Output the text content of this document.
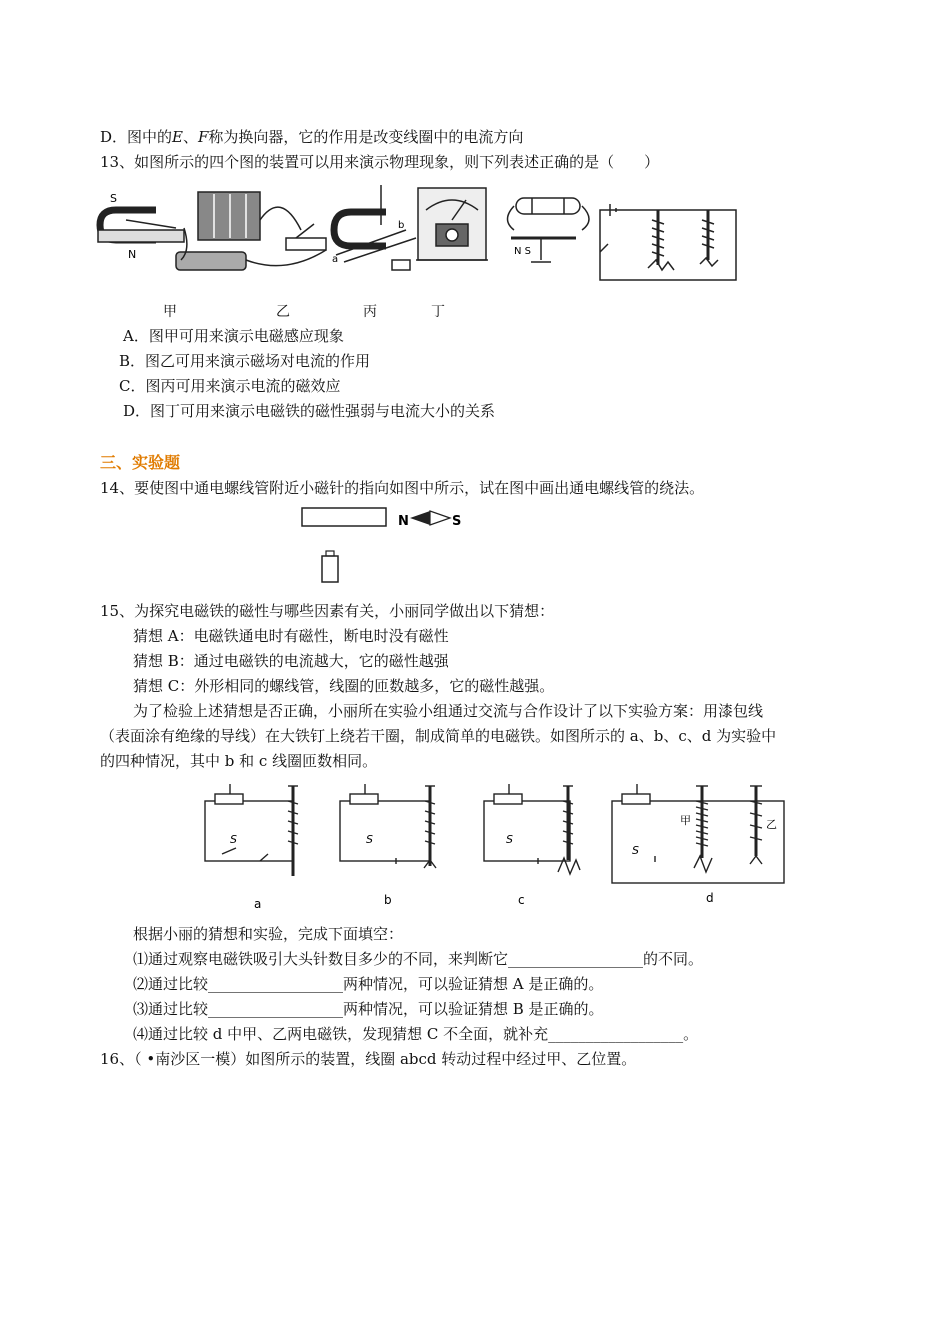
D．图中的E、F称为换向器，它的作用是改变线圈中的电流方向
13、如图所示的四个图的装置可以用来演示物理现象，则下列表述正确的是（　　）
S
N	a
b
N S
甲	乙	丙	丁
A．图甲可用来演示电磁感应现象
B．图乙可用来演示磁场对电流的作用
C．图丙可用来演示电流的磁效应
D．图丁可用来演示电磁铁的磁性强弱与电流大小的关系
三、实验题
14、要使图中通电螺线管附近小磁针的指向如图中所示，试在图中画出通电螺线管的绕法。
N	S
15、为探究电磁铁的磁性与哪些因素有关，小丽同学做出以下猜想：
猜想 A：电磁铁通电时有磁性，断电时没有磁性
猜想 B：通过电磁铁的电流越大，它的磁性越强
猜想 C：外形相同的螺线管，线圈的匝数越多，它的磁性越强。
为了检验上述猜想是否正确，小丽所在实验小组通过交流与合作设计了以下实验方案：用漆包线
（表面涂有绝缘的导线）在大铁钉上绕若干圈，制成简单的电磁铁。如图所示的 a、b、c、d 为实验中
的四种情况，其中 b 和 c 线圈匝数相同。
S	S	S
S
甲	乙
a	b	c	d
根据小丽的猜想和实验，完成下面填空：
⑴通过观察电磁铁吸引大头针数目多少的不同，来判断它__________________的不同。
⑵通过比较__________________两种情况，可以验证猜想 A 是正确的。
⑶通过比较__________________两种情况，可以验证猜想 B 是正确的。
⑷通过比较 d 中甲、乙两电磁铁，发现猜想 C 不全面，就补充__________________。
16、（ •南沙区一模）如图所示的装置，线圈 abcd 转动过程中经过甲、乙位置。
